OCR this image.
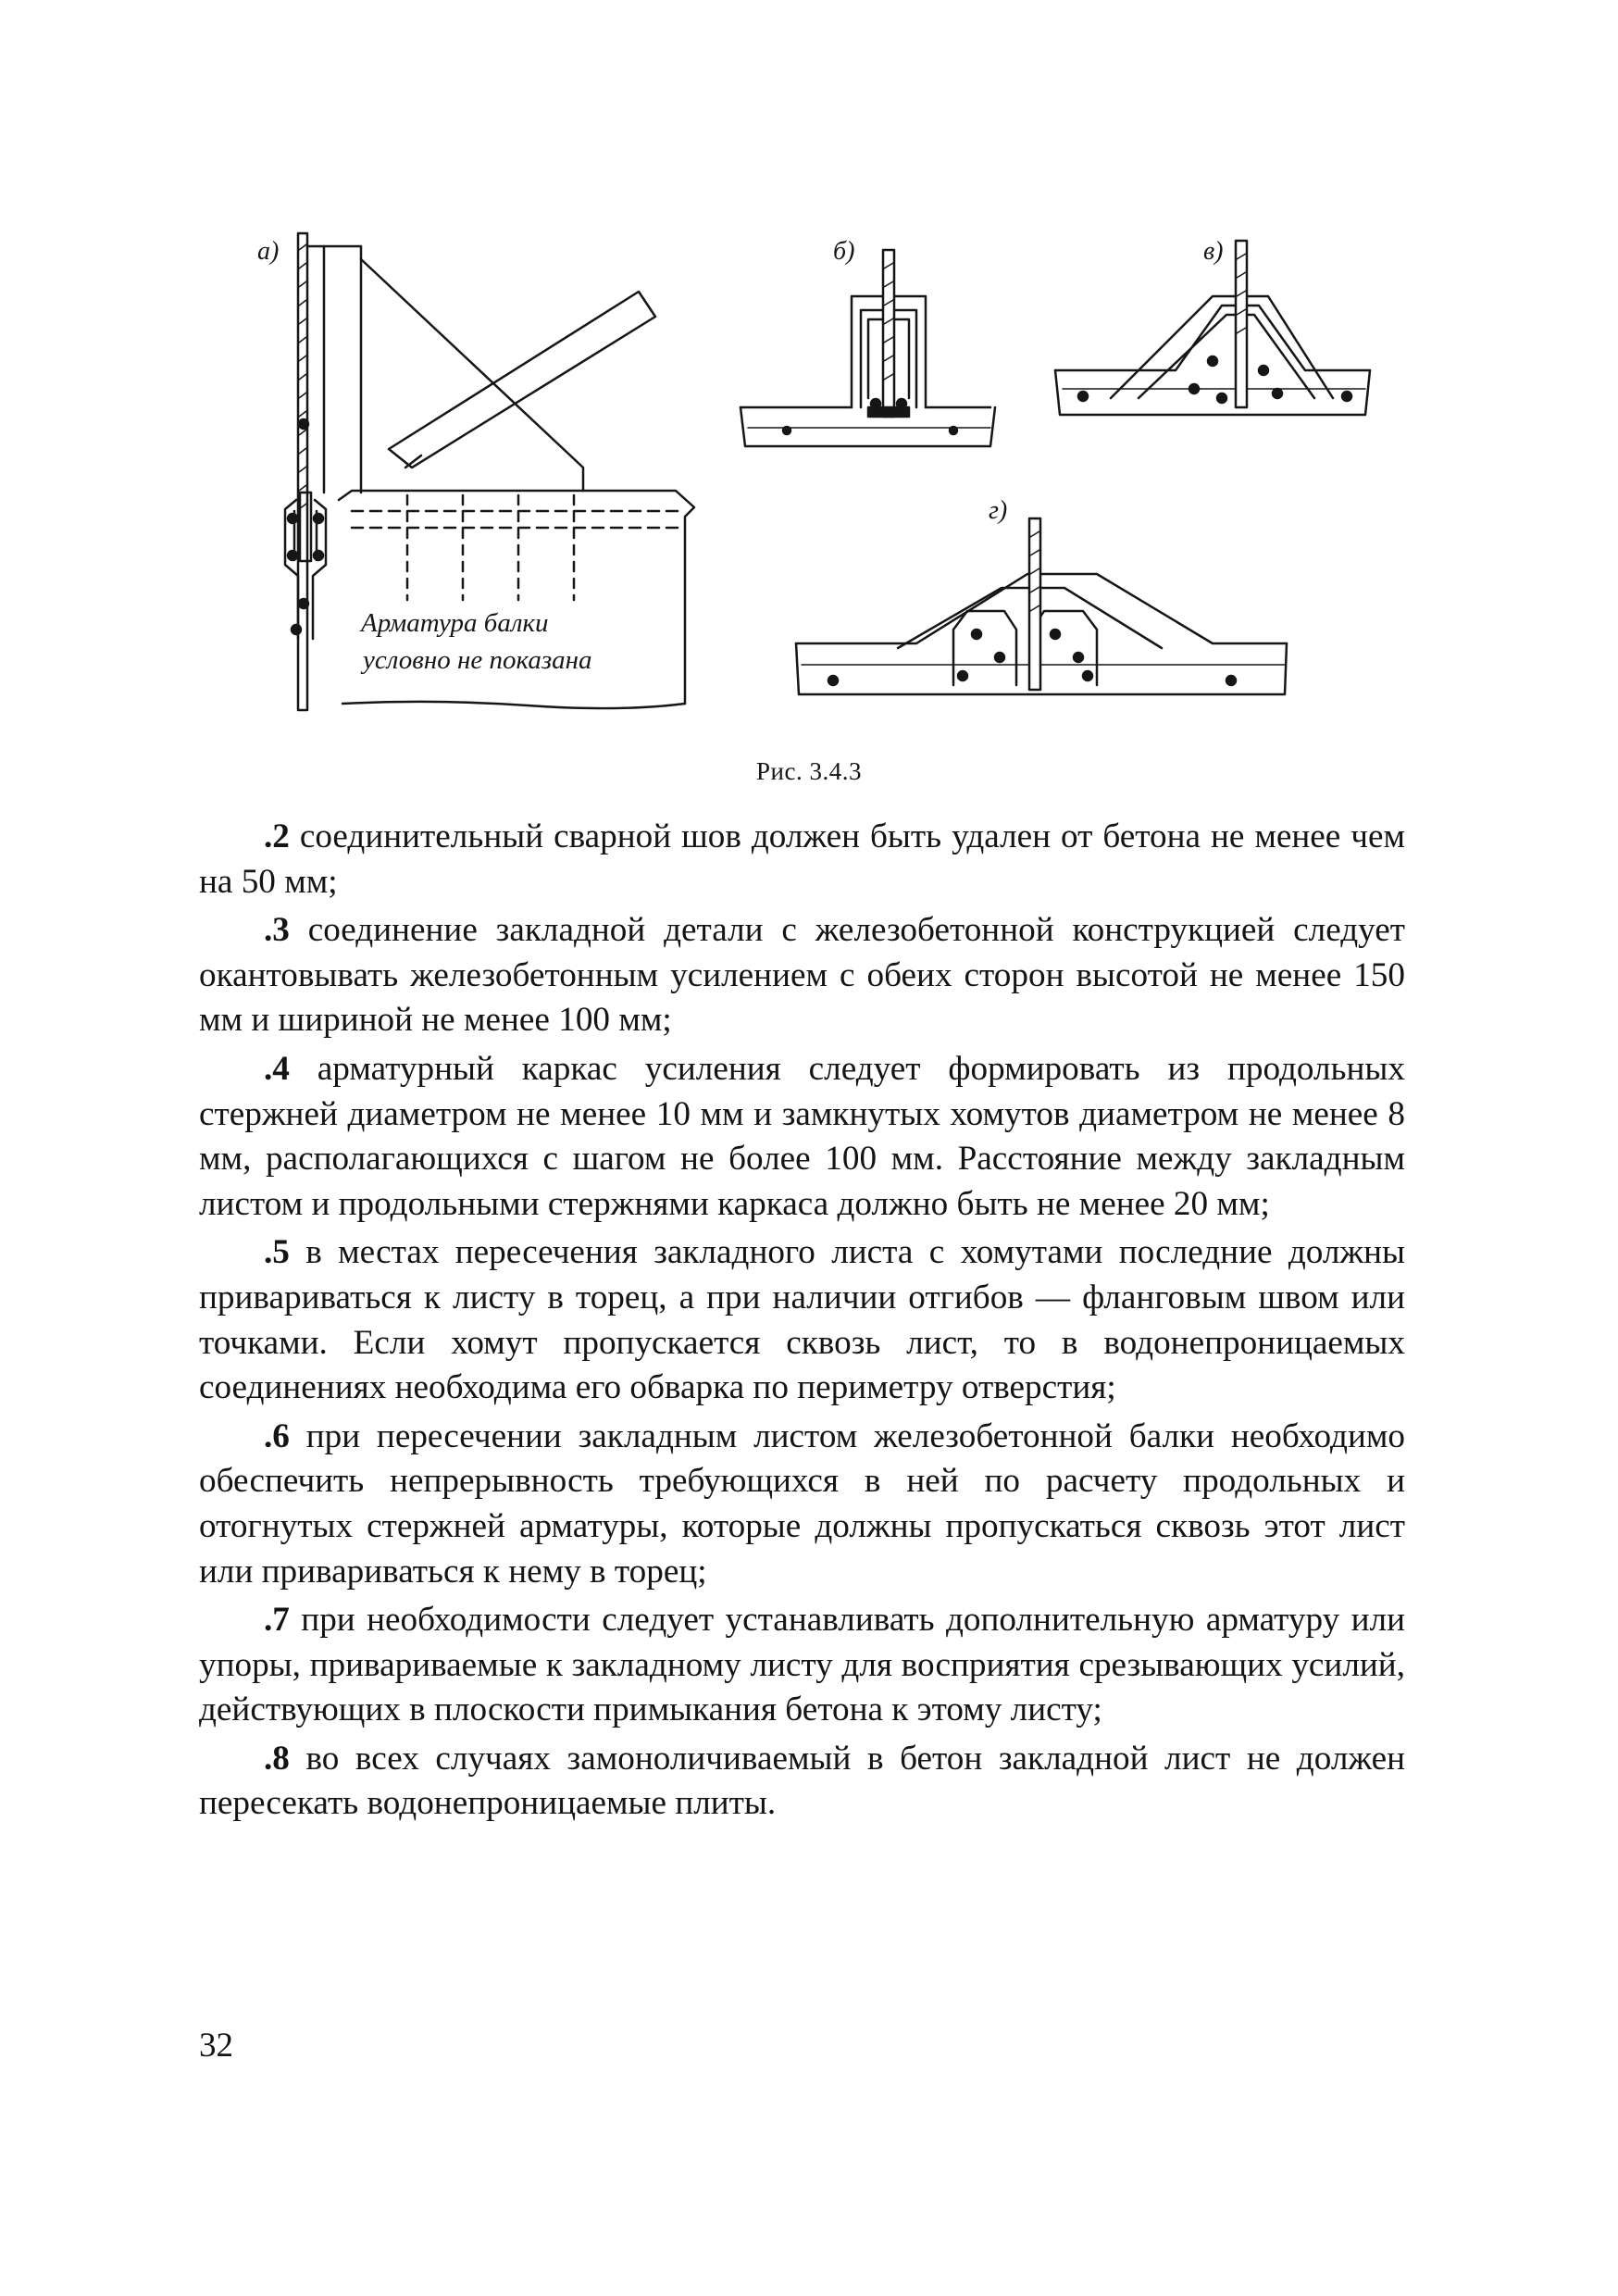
а)
Арматура балки
условно не показана
б)	в)
г)
Рис. 3.4.3

.2 соединительный сварной шов должен быть удален от бетона не менее чем на 50 мм;

.3 соединение закладной детали с железобетонной конструкцией следует окантовывать железобетонным усилением с обеих сторон высотой не менее 150 мм и шириной не менее 100 мм;

.4 арматурный каркас усиления следует формировать из продольных стержней диаметром не менее 10 мм и замкнутых хомутов диаметром не менее 8 мм, располагающихся с шагом не более 100 мм. Расстояние между закладным листом и продольными стержнями каркаса должно быть не менее 20 мм;

.5 в местах пересечения закладного листа с хомутами последние должны привариваться к листу в торец, а при наличии отгибов — фланговым швом или точками. Если хомут пропускается сквозь лист, то в водонепроницаемых соединениях необходима его обварка по периметру отверстия;

.6 при пересечении закладным листом железобетонной балки необходимо обеспечить непрерывность требующихся в ней по расчету продольных и отогнутых стержней арматуры, которые должны пропускаться сквозь этот лист или привариваться к нему в торец;

.7 при необходимости следует устанавливать дополнительную арматуру или упоры, привариваемые к закладному листу для восприятия срезывающих усилий, действующих в плоскости примыкания бетона к этому листу;

.8 во всех случаях замоноличиваемый в бетон закладной лист не должен пересекать водонепроницаемые плиты.

32
